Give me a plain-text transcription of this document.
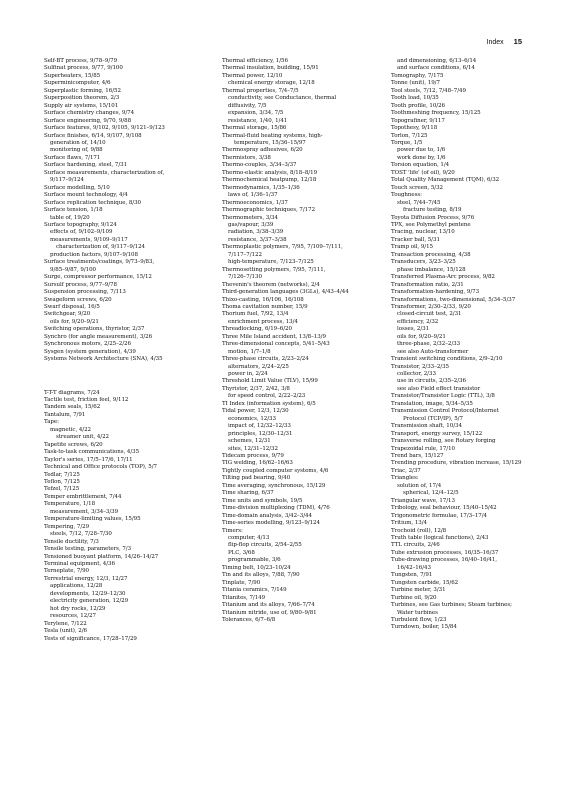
Index 15
Self-BT process, 9/78–9/79
Sulfinat process, 9/77, 9/100
Superheaters, 15/85
Superminicomputer, 4/6
Superplastic forming, 16/52
Superposition theorem, 2/3
Supply air systems, 15/101
Surface chemistry changes, 9/74
Surface engineering, 9/70, 9/88
Surface features, 9/102, 9/105, 9/121–9/123
Surface finishes, 6/14, 9/107, 9/108
generation of, 14/10
monitoring of, 9/88
Surface flaws, 7/171
Surface hardening, steel, 7/31
Surface measurements, characterization of,
9/117–9/124
Surface modelling, 5/10
Surface mount technology, 4/4
Surface replication technique, 8/30
Surface tension, 1/18
table of, 19/20
Surface topography, 9/124
effects of, 9/102–9/109
measurements, 9/109–9/117
characterization of, 9/117–9/124
production factors, 9/107–9/108
Surface treatments/coatings, 9/73–9/83,
9/85–9/87, 9/100
Surge, compressor performance, 15/12
Sursulf process, 9/77–9/78
Suspension processing, 7/113
Swageform screws, 6/20
Swarf disposal, 16/5
Switchgear, 9/20
oils for, 9/20–9/21
Switching operations, thyristor, 2/37
Synchro (for angle measurement), 3/26
Synchronous motors, 2/25–2/26
Sysgen (system generation), 4/39
Systems Network Architecture (SNA), 4/35
T-T-T diagrams, 7/24
Tactile test, friction feel, 9/112
Tandem seals, 15/62
Tantalum, 7/91
Tape:
magnetic, 4/22
streamer unit, 4/22
Tapetite screws, 6/20
Task-to-task communications, 4/35
Taylor's series, 17/5–17/6, 17/11
Technical and Office protocols (TOP), 5/7
Tedlar, 7/125
Teflon, 7/125
Tefzel, 7/125
Temper embrittlement, 7/44
Temperature, 1/18
measurement, 3/34–3/39
Temperature-limiting values, 15/95
Tempering, 7/29
steels, 7/12, 7/28–7/30
Tensile ductility, 7/3
Tensile testing, parameters, 7/3
Tensioned buoyant platform, 14/26–14/27
Terminal equipment, 4/36
Terneplate, 7/90
Terrestrial energy, 12/3, 12/27
applications, 12/28
developments, 12/29–12/30
electricity generation, 12/29
hot dry rocks, 12/29
resources, 12/27
Terylene, 7/122
Tesla (unit), 2/6
Tests of significance, 17/28–17/29
Thermal efficiency, 1/56
Thermal insulation, building, 15/91
Thermal power, 12/10
chemical energy storage, 12/18
Thermal properties, 7/4–7/5
conductivity, see Conductance, thermal
diffusivity, 7/5
expansion, 3/34, 7/5
resistance, 1/40, 1/41
Thermal storage, 15/86
Thermal-fluid heating systems, high-
temperature, 15/36–15/97
Thermospray adhesives, 6/20
Thermistors, 3/38
Thermo-couples, 3/34–3/37
Thermo-elastic analysis, 8/18–8/19
Thermochemical heatpump, 12/18
Thermodynamics, 1/35–1/36
laws of, 1/36–1/37
Thermoeconomics, 1/37
Thermographic techniques, 7/172
Thermometers, 3/34
gas/vapour, 3/39
radiation, 3/38–3/39
resistance, 3/37–3/38
Thermoplastic polymers, 7/95, 7/109–7/111,
7/117–7/122
high-temperature, 7/123–7/125
Thermosetting polymers, 7/95, 7/111,
7/126–7/130
Thevenin's theorem (networks), 2/4
Third-generation languages (3GLs), 4/43–4/44
Thixo-casting, 16/106, 16/108
Thoma cavitation number, 15/9
Thorium fuel, 7/92, 13/4
enrichment process, 13/4
Threadlocking, 6/19–6/20
Three Mile Island accident, 13/8–13/9
Three-dimensional concepts, 5/41–5/43
motion, 1/7–1/8
Three-phase circuits, 2/23–2/24
alternators, 2/24–2/25
power in, 2/24
Threshold Limit Value (TLV), 15/99
Thyristor, 2/37, 2/42, 3/8
for speed control, 2/22–2/23
TI Index (information system), 6/5
Tidal power, 12/3, 12/30
economics, 12/33
impact of, 12/32–12/33
principles, 12/30–12/31
schemes, 12/31
sites, 12/31–12/32
Tidecam process, 9/79
TIG welding, 16/62–16/63
Tightly coupled computer systems, 4/6
Tilting pad bearing, 9/40
Time averaging, synchronous, 15/129
Time sharing, 6/37
Time units and symbols, 19/5
Time-division multiplexing (TDM), 4/76
Time-domain analysis, 3/42–3/44
Time-series modelling, 9/123–9/124
Timers:
computer, 4/13
flip-flop circuits, 2/54–2/55
PLC, 3/68
programmable, 3/6
Timing belt, 10/23–10/24
Tin and its alloys, 7/88, 7/90
Tinplate, 7/90
Titania ceramics, 7/149
Titanites, 7/149
Titanium and its alloys, 7/66–7/74
Titanium nitride, use of, 9/80–9/81
Tolerances, 6/7–6/8
and dimensioning, 6/13–6/14
and surface conditions, 6/14
Tomography, 7/175
Tonne (unit), 19/7
Tool steels, 7/12, 7/48–7/49
Tooth load, 10/35
Tooth profile, 10/26
Toothmeshing frequency, 15/125
Topografiner, 9/117
Topothesy, 9/118
Torlon, 7/125
Torque, 1/5
power due to, 1/6
work done by, 1/6
Torsion equation, 1/4
TOST 'life' (of oil), 9/20
Total Quality Management (TQM), 6/32
Touch screen, 5/32
Toughness:
steel, 7/44–7/45
fracture testing, 8/19
Toyota Diffusion Process, 9/76
TPX, see Polymethyl pentene
Tracing, nuclear, 13/10
Tracker ball, 5/31
Tramp oil, 9/15
Transaction processing, 4/38
Transducers, 3/23–3/25
phase imbalance, 15/128
Transferred Plasma-Arc process, 9/82
Transformation ratio, 2/31
Transformation-hardening, 9/73
Transformations, two-dimensional, 5/34–5/37
Transformer, 2/30–2/33, 9/20
closed-circuit test, 2/31
efficiency, 2/32
losses, 2/31
oils for, 9/20–9/21
three-phase, 2/32–2/33
see also Auto-transformer
Transient switching conditions, 2/9–2/10
Transistor, 2/33–2/35
collector, 2/33
use in circuits, 2/35–2/36
see also Field effect transistor
Transistor/Transistor Logic (TTL), 3/8
Translation, image, 5/34–5/35
Transmission Control Protocol/Internet
Protocol (TCP/IP), 5/7
Transmission shaft, 10/34
Transport, energy survey, 15/122
Transverse rolling, see Rotary forging
Trapezoidal rule, 17/10
Trend bars, 15/127
Trending procedure, vibration increase, 15/129
Triac, 2/37
Triangles:
solution of, 17/4
spherical, 12/4–12/5
Triangular wave, 17/13
Tribology, seal behaviour, 15/40–15/42
Trigonometric formulae, 17/3–17/4
Tritium, 13/4
Trochoid (roll), 12/8
Truth table (logical functions), 2/43
TTL circuits, 2/46
Tube extrusion processes, 16/35–16/37
Tube-drawing processes, 16/40–16/41,
16/42–16/43
Tungsten, 7/91
Tungsten carbide, 15/62
Turbine meter, 3/31
Turbine oil, 9/20
Turbines, see Gas turbines; Steam turbines;
Water turbines
Turbulent flow, 1/23
Turndown, boiler, 15/84
